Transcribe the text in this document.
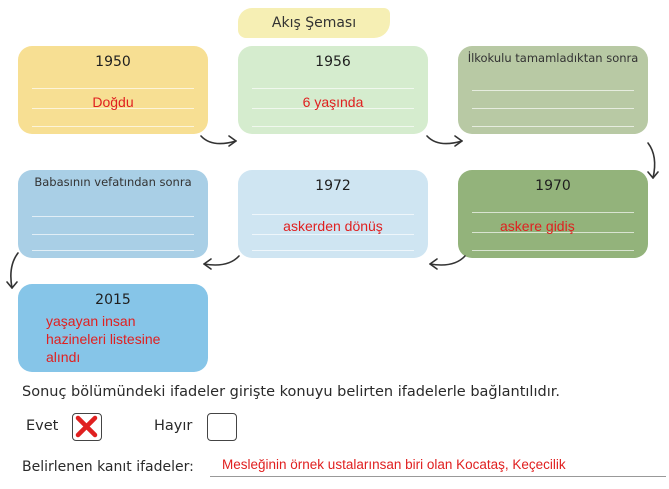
Akış Şeması
1950
Doğdu
1956
6 yaşında
İlkokulu tamamladıktan sonra
1970
askere gidiş
1972
askerden dönüş
Babasının vefatından sonra
2015
yaşayan insan hazineleri listesine alındı
Sonuç bölümündeki ifadeler girişte konuyu belirten ifadelerle bağlantılıdır.
Evet	Hayır
Belirlenen kanıt ifadeler: Mesleğinin örnek ustalarınsan biri olan Kocataş, Keçecilik
